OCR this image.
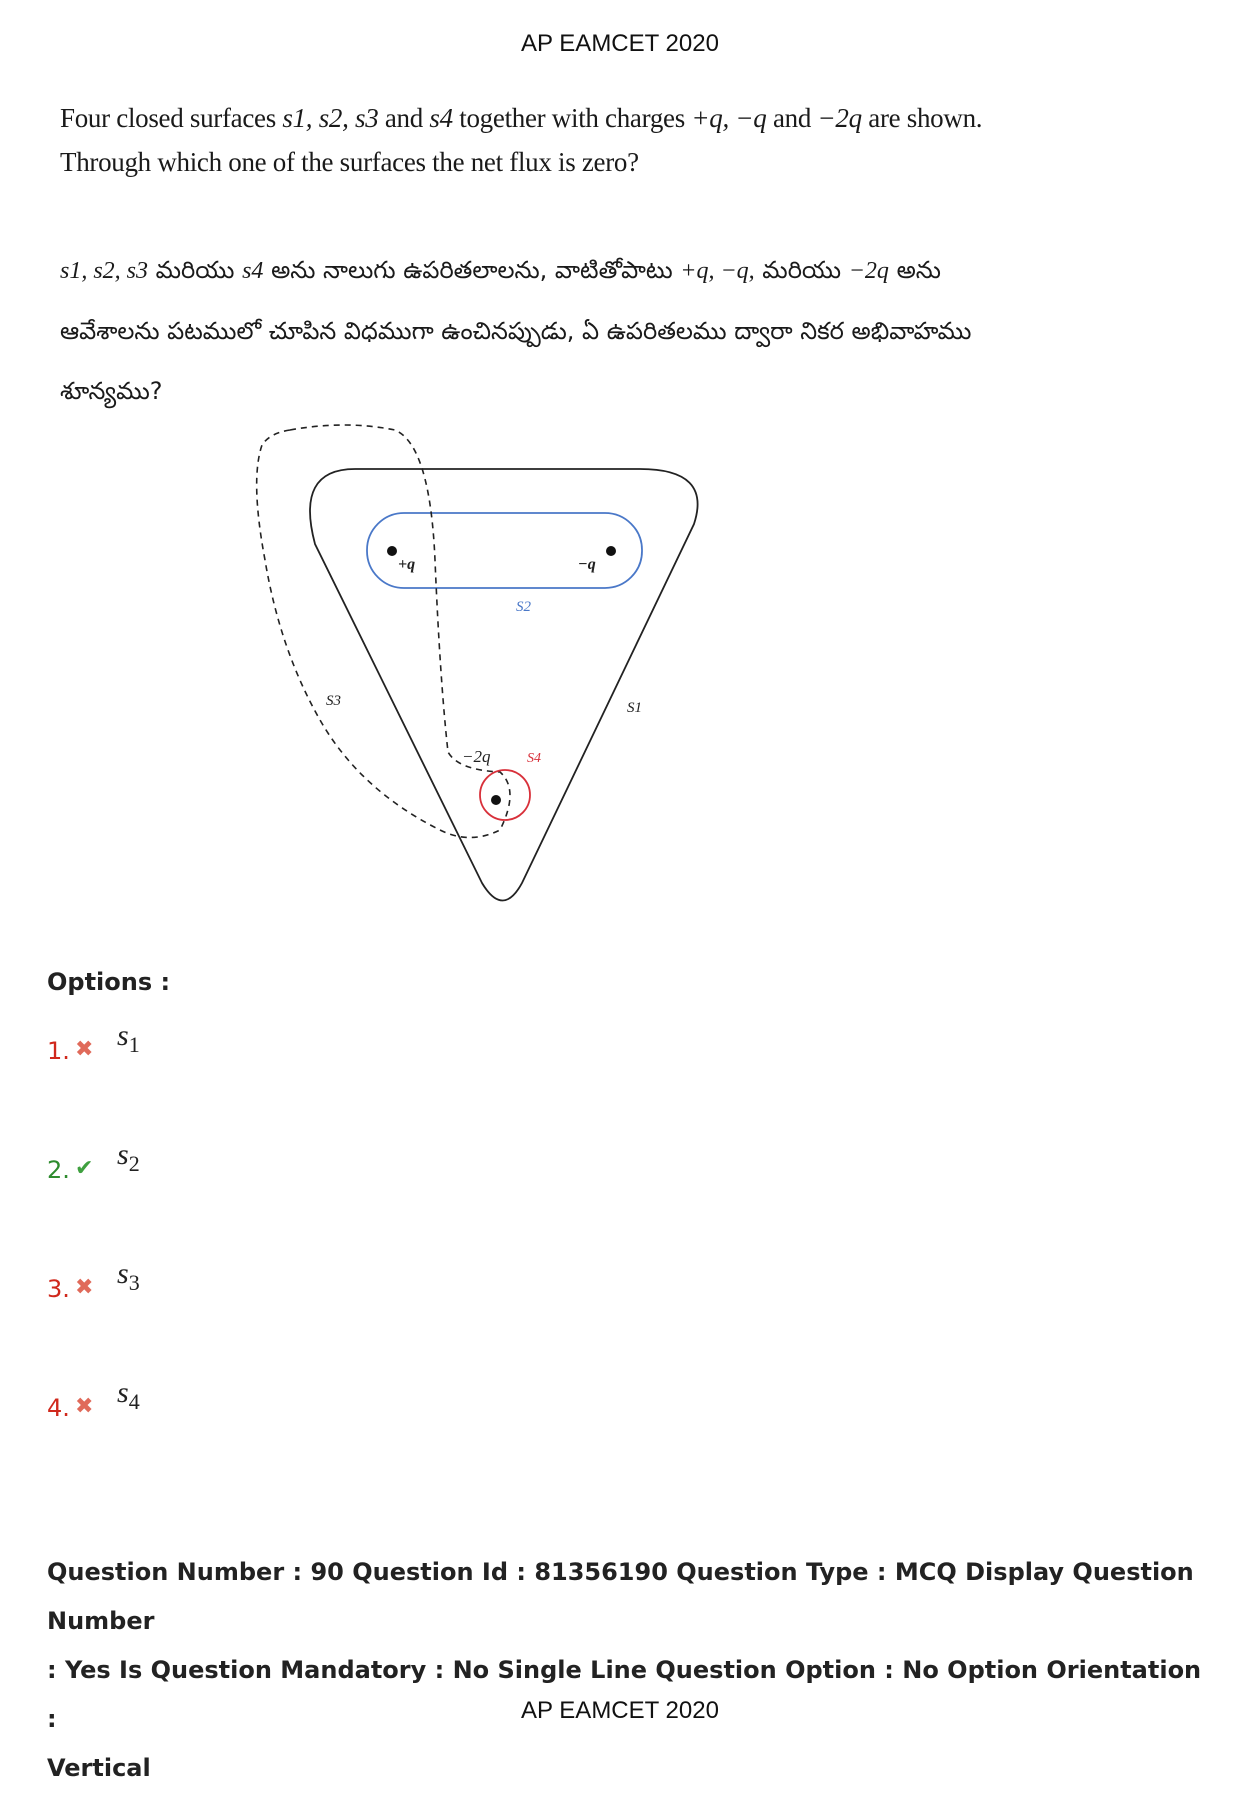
AP EAMCET 2020

Four closed surfaces s1, s2, s3 and s4 together with charges +q, −q and −2q are shown.

Through which one of the surfaces the net flux is zero?

s1, s2, s3 మరియు s4 అను నాలుగు ఉపరితలాలను, వాటితోపాటు +q, −q, మరియు −2q అను

ఆవేశాలను పటములో చూపిన విధముగా ఉంచినప్పుడు, ఏ ఉపరితలము ద్వారా నికర అభివాహము

శూన్యము?

+q	−q
−2q
S1
S2
S3
S4
Options :
1. ✖ $s_1$
2. ✔ $s_2$
3. ✖ $s_3$
4. ✖ $s_4$
Question Number : 90 Question Id : 81356190 Question Type : MCQ Display Question Number
: Yes Is Question Mandatory : No Single Line Question Option : No Option Orientation :
Vertical
AP EAMCET 2020
